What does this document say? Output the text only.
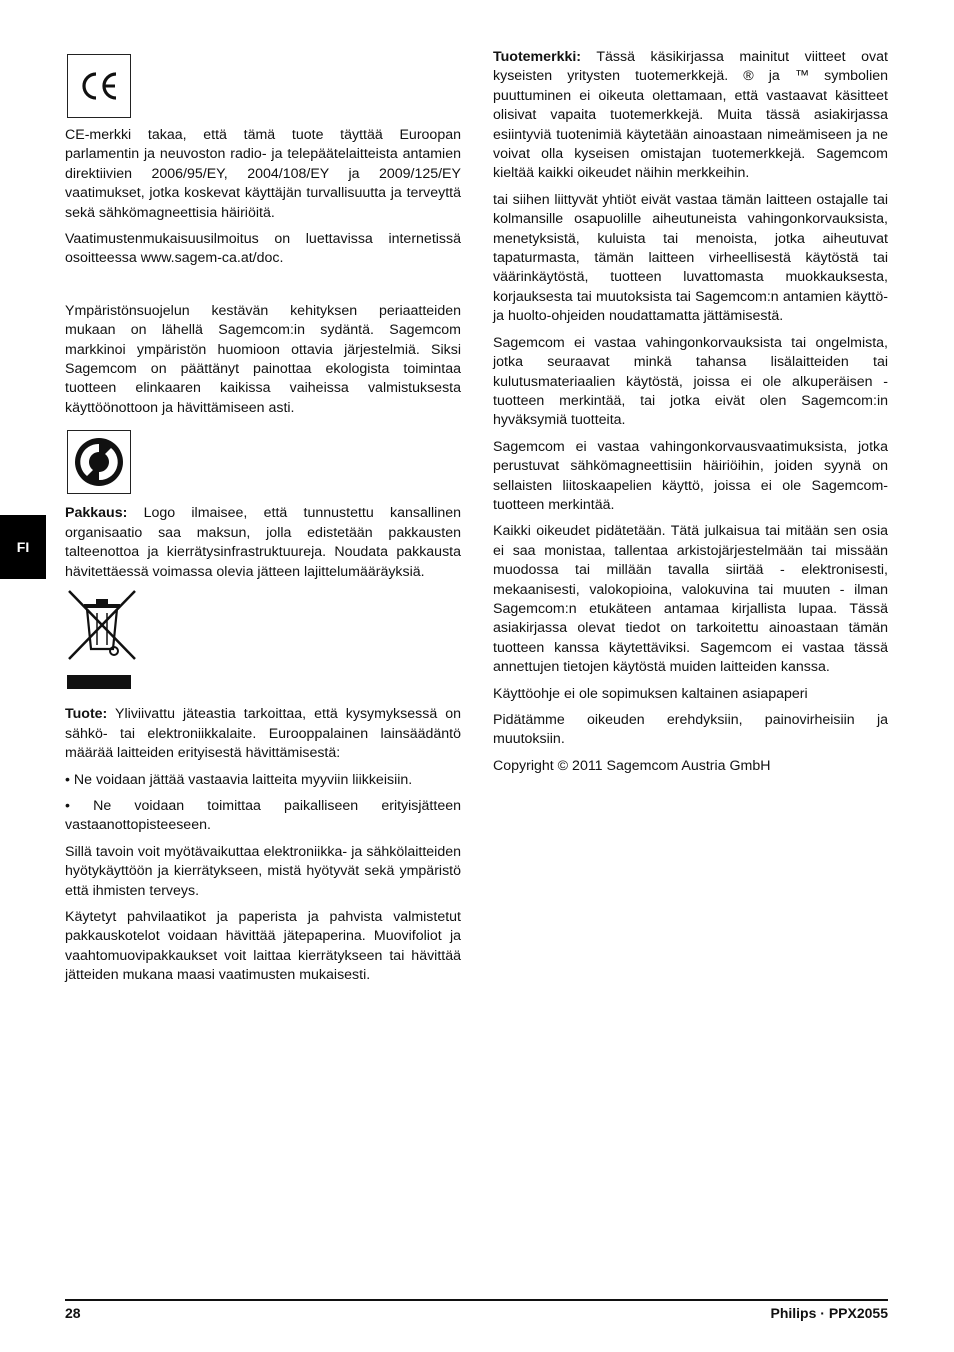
FI

CE-merkki takaa, että tämä tuote täyttää Euroopan parlamentin ja neuvoston radio- ja telepäätelaitteista antamien direktiivien 2006/95/EY, 2004/108/EY ja 2009/125/EY vaatimukset, jotka koskevat käyttäjän turvallisuutta ja terveyttä sekä sähkömagneettisia häiriöitä.

Vaatimustenmukaisuusilmoitus on luettavissa internetissä osoitteessa www.sagem-ca.at/doc.

Ympäristönsuojelun kestävän kehityksen periaatteiden mukaan on lähellä Sagemcom:in sydäntä. Sagemcom markkinoi ympäristön huomioon ottavia järjestelmiä. Siksi Sagemcom on päättänyt painottaa ekologista toimintaa tuotteen elinkaaren kaikissa vaiheissa valmistuksesta käyttöönottoon ja hävittämiseen asti.

Pakkaus: Logo ilmaisee, että tunnustettu kansallinen organisaatio saa maksun, jolla edistetään pakkausten talteenottoa ja kierrätysinfrastruktuureja. Noudata pakkausta hävitettäessä voimassa olevia jätteen lajittelumääräyksiä.

Tuote: Yliviivattu jäteastia tarkoittaa, että kysymyksessä on sähkö- tai elektroniikkalaite. Eurooppalainen lainsäädäntö määrää laitteiden erityisestä hävittämisestä:

• Ne voidaan jättää vastaavia laitteita myyviin liikkeisiin.

• Ne voidaan toimittaa paikalliseen erityisjätteen vastaanottopisteeseen.

Sillä tavoin voit myötävaikuttaa elektroniikka- ja sähkölaitteiden hyötykäyttöön ja kierrätykseen, mistä hyötyvät sekä ympäristö että ihmisten terveys.

Käytetyt pahvilaatikot ja paperista ja pahvista valmistetut pakkauskotelot voidaan hävittää jätepaperina. Muovifoliot ja vaahtomuovipakkaukset voit laittaa kierrätykseen tai hävittää jätteiden mukana maasi vaatimusten mukaisesti.

Tuotemerkki: Tässä käsikirjassa mainitut viitteet ovat kyseisten yritysten tuotemerkkejä. ® ja ™ symbolien puuttuminen ei oikeuta olettamaan, että vastaavat käsitteet olisivat vapaita tuotemerkkejä. Muita tässä asiakirjassa esiintyviä tuotenimiä käytetään ainoastaan nimeämiseen ja ne voivat olla kyseisen omistajan tuotemerkkejä. Sagemcom kieltää kaikki oikeudet näihin merkkeihin.

tai siihen liittyvät yhtiöt eivät vastaa tämän laitteen ostajalle tai kolmansille osapuolille aiheutuneista vahingonkorvauksista, menetyksistä, kuluista tai menoista, jotka aiheutuvat tapaturmasta, tämän laitteen virheellisestä käytöstä tai väärinkäytöstä, tuotteen luvattomasta muokkauksesta, korjauksesta tai muutoksista tai Sagemcom:n antamien käyttö- ja huolto-ohjeiden noudattamatta jättämisestä.

Sagemcom ei vastaa vahingonkorvauksista tai ongelmista, jotka seuraavat minkä tahansa lisälaitteiden tai kulutusmateriaalien käytöstä, joissa ei ole alkuperäisen -tuotteen merkintää, tai jotka eivät olen Sagemcom:in hyväksymiä tuotteita.

Sagemcom ei vastaa vahingonkorvausvaatimuksista, jotka perustuvat sähkömagneettisiin häiriöihin, joiden syynä on sellaisten liitoskaapelien käyttö, joissa ei ole Sagemcom-tuotteen merkintää.

Kaikki oikeudet pidätetään. Tätä julkaisua tai mitään sen osia ei saa monistaa, tallentaa arkistojärjestelmään tai missään muodossa tai millään tavalla siirtää - elektronisesti, mekaanisesti, valokopioina, valokuvina tai muuten - ilman Sagemcom:n etukäteen antamaa kirjallista lupaa. Tässä asiakirjassa olevat tiedot on tarkoitettu ainoastaan tämän tuotteen kanssa käytettäviksi. Sagemcom ei vastaa tässä annettujen tietojen käytöstä muiden laitteiden kanssa.

Käyttöohje ei ole sopimuksen kaltainen asiapaperi

Pidätämme oikeuden erehdyksiin, painovirheisiin ja muutoksiin.

Copyright © 2011 Sagemcom Austria GmbH

28	Philips · PPX2055
